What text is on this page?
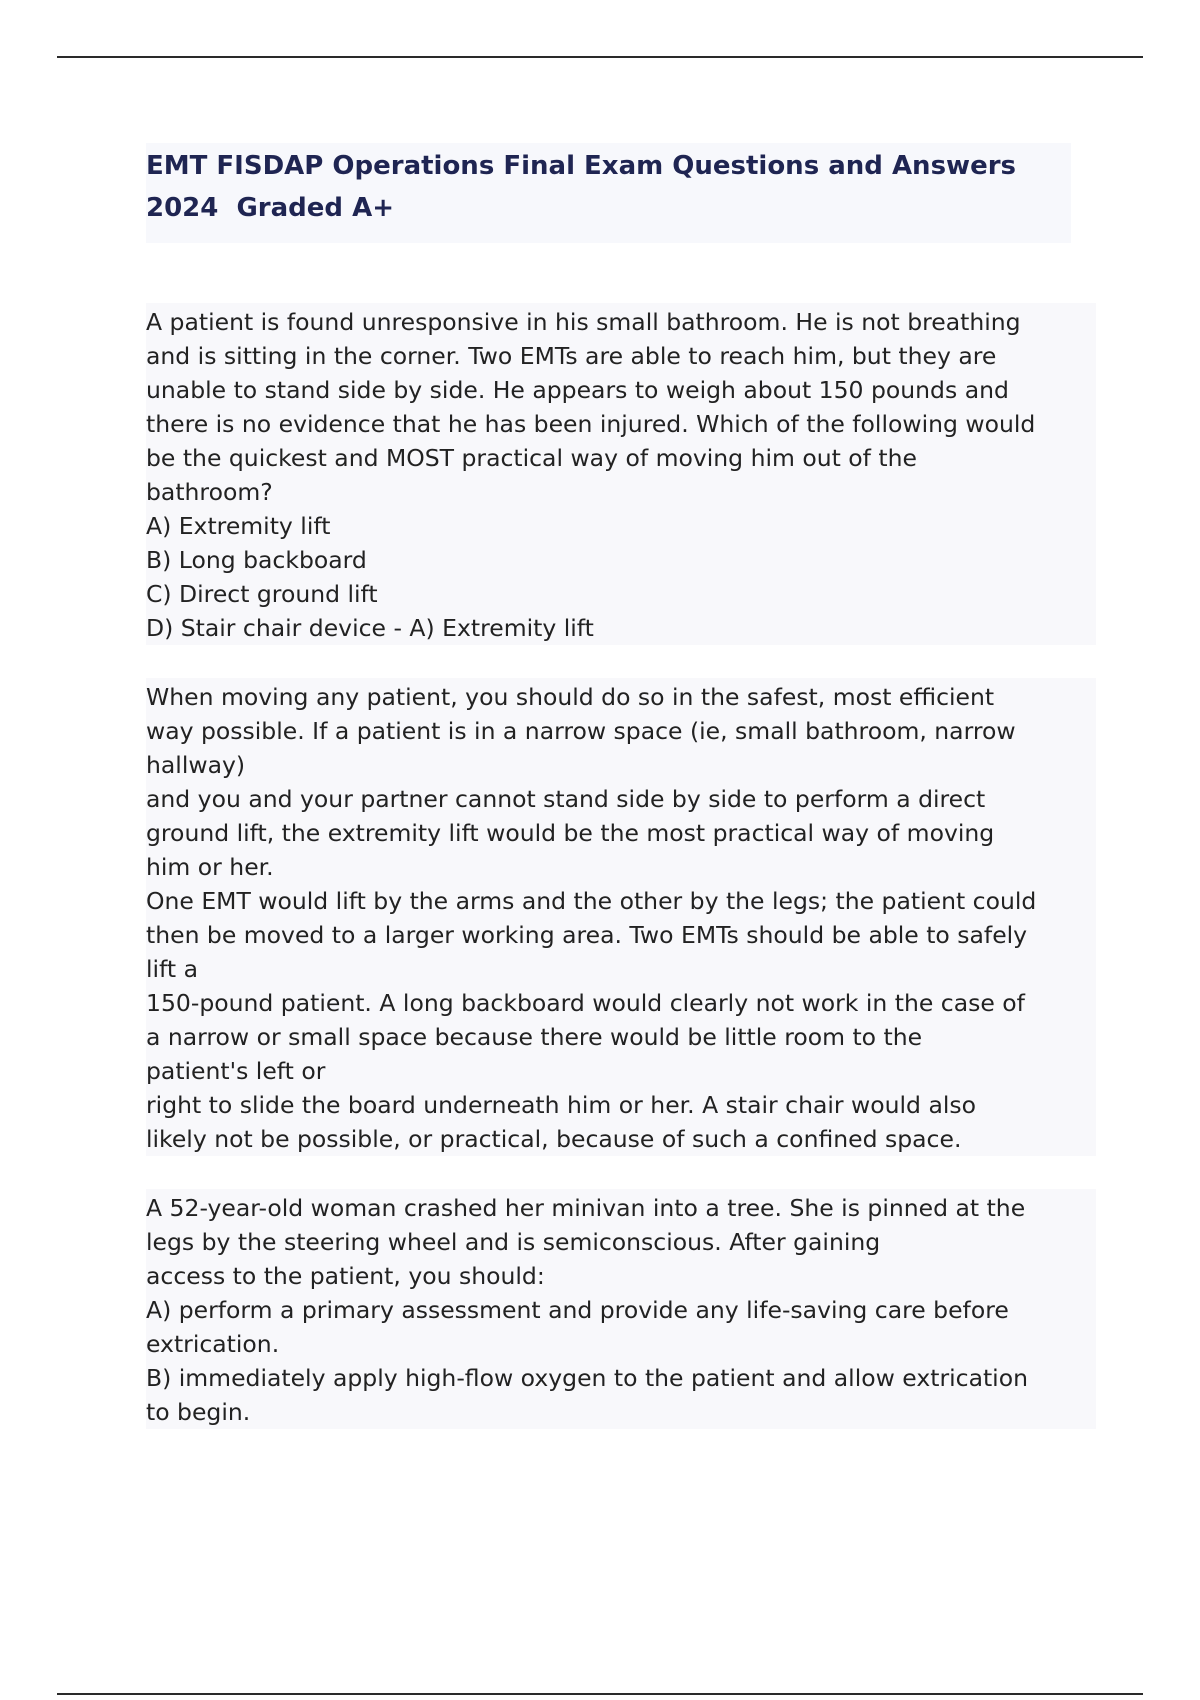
EMT FISDAP Operations Final Exam Questions and Answers
2024  Graded A+
A patient is found unresponsive in his small bathroom. He is not breathing
and is sitting in the corner. Two EMTs are able to reach him, but they are
unable to stand side by side. He appears to weigh about 150 pounds and
there is no evidence that he has been injured. Which of the following would
be the quickest and MOST practical way of moving him out of the
bathroom?
A) Extremity lift
B) Long backboard
C) Direct ground lift
D) Stair chair device - A) Extremity lift
When moving any patient, you should do so in the safest, most efficient
way possible. If a patient is in a narrow space (ie, small bathroom, narrow
hallway)
and you and your partner cannot stand side by side to perform a direct
ground lift, the extremity lift would be the most practical way of moving
him or her.
One EMT would lift by the arms and the other by the legs; the patient could
then be moved to a larger working area. Two EMTs should be able to safely
lift a
150-pound patient. A long backboard would clearly not work in the case of
a narrow or small space because there would be little room to the
patient's left or
right to slide the board underneath him or her. A stair chair would also
likely not be possible, or practical, because of such a confined space.
A 52-year-old woman crashed her minivan into a tree. She is pinned at the
legs by the steering wheel and is semiconscious. After gaining
access to the patient, you should:
A) perform a primary assessment and provide any life-saving care before
extrication.
B) immediately apply high-flow oxygen to the patient and allow extrication
to begin.
